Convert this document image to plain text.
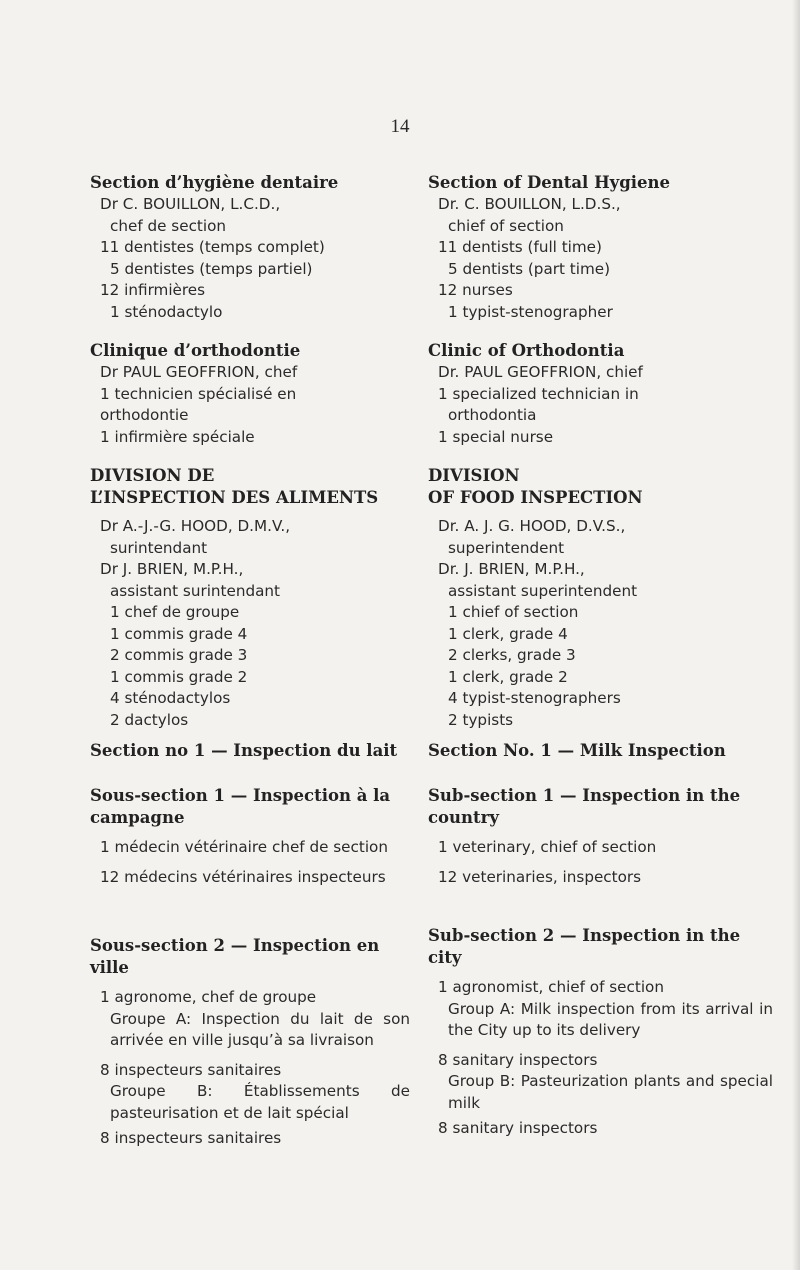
14
Section d’hygiène dentaire
Dr C. BOUILLON, L.C.D.,
chef de section
11 dentistes (temps complet)
5 dentistes (temps partiel)
12 infirmières
1 sténodactylo
Clinique d’orthodontie
Dr PAUL GEOFFRION, chef
1 technicien spécialisé en
orthodontie
1 infirmière spéciale
DIVISION DE
L’INSPECTION DES ALIMENTS
Dr A.-J.-G. HOOD, D.M.V.,
surintendant
Dr J. BRIEN, M.P.H.,
assistant surintendant
1 chef de groupe
1 commis grade 4
2 commis grade 3
1 commis grade 2
4 sténodactylos
2 dactylos
Section no 1 — Inspection du lait
Sous-section 1 — Inspection à la
campagne
1 médecin vétérinaire chef de section
12 médecins vétérinaires inspecteurs
Sous-section 2 — Inspection en
ville
1 agronome, chef de groupe
Groupe A: Inspection du lait de son arrivée en ville jusqu’à sa livraison
8 inspecteurs sanitaires
Groupe B: Établissements de pasteurisation et de lait spécial
8 inspecteurs sanitaires
Section of Dental Hygiene
Dr. C. BOUILLON, L.D.S.,
chief of section
11 dentists (full time)
5 dentists (part time)
12 nurses
1 typist-stenographer
Clinic of Orthodontia
Dr. PAUL GEOFFRION, chief
1 specialized technician in
orthodontia
1 special nurse
DIVISION
OF FOOD INSPECTION
Dr. A. J. G. HOOD, D.V.S.,
superintendent
Dr. J. BRIEN, M.P.H.,
assistant superintendent
1 chief of section
1 clerk, grade 4
2 clerks, grade 3
1 clerk, grade 2
4 typist-stenographers
2 typists
Section No. 1 — Milk Inspection
Sub-section 1 — Inspection in the
country
1 veterinary, chief of section
12 veterinaries, inspectors
Sub-section 2 — Inspection in the
city
1 agronomist, chief of section
Group A: Milk inspection from its arrival in the City up to its delivery
8 sanitary inspectors
Group B: Pasteurization plants and special milk
8 sanitary inspectors
